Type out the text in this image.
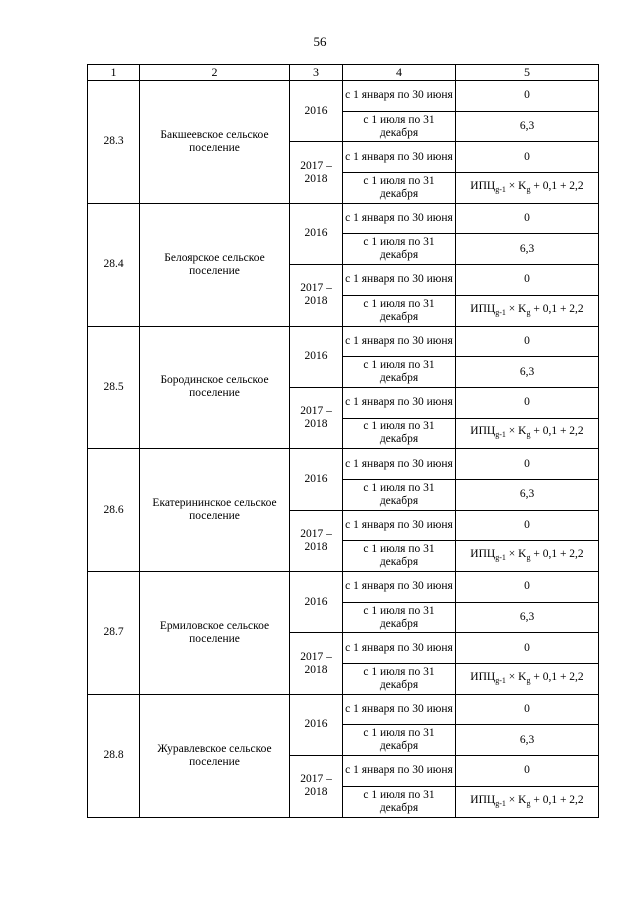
56
1	2	3	4	5
28.3	Бакшеевское сельское поселение	2016	с 1 января по 30 июня	0
			с 1 июля по 31 декабря	6,3
		2017 – 2018	с 1 января по 30 июня	0
			с 1 июля по 31 декабря	$ИПЦ_{g-1} \times K_g + 0,1 + 2,2$
28.4	Белоярское сельское поселение	2016	с 1 января по 30 июня	0
			с 1 июля по 31 декабря	6,3
		2017 – 2018	с 1 января по 30 июня	0
			с 1 июля по 31 декабря	$ИПЦ_{g-1} \times K_g + 0,1 + 2,2$
28.5	Бородинское сельское поселение	2016	с 1 января по 30 июня	0
			с 1 июля по 31 декабря	6,3
		2017 – 2018	с 1 января по 30 июня	0
			с 1 июля по 31 декабря	$ИПЦ_{g-1} \times K_g + 0,1 + 2,2$
28.6	Екатерининское сельское поселение	2016	с 1 января по 30 июня	0
			с 1 июля по 31 декабря	6,3
		2017 – 2018	с 1 января по 30 июня	0
			с 1 июля по 31 декабря	$ИПЦ_{g-1} \times K_g + 0,1 + 2,2$
28.7	Ермиловское сельское поселение	2016	с 1 января по 30 июня	0
			с 1 июля по 31 декабря	6,3
		2017 – 2018	с 1 января по 30 июня	0
			с 1 июля по 31 декабря	$ИПЦ_{g-1} \times K_g + 0,1 + 2,2$
28.8	Журавлевское сельское поселение	2016	с 1 января по 30 июня	0
			с 1 июля по 31 декабря	6,3
		2017 – 2018	с 1 января по 30 июня	0
			с 1 июля по 31 декабря	$ИПЦ_{g-1} \times K_g + 0,1 + 2,2$
